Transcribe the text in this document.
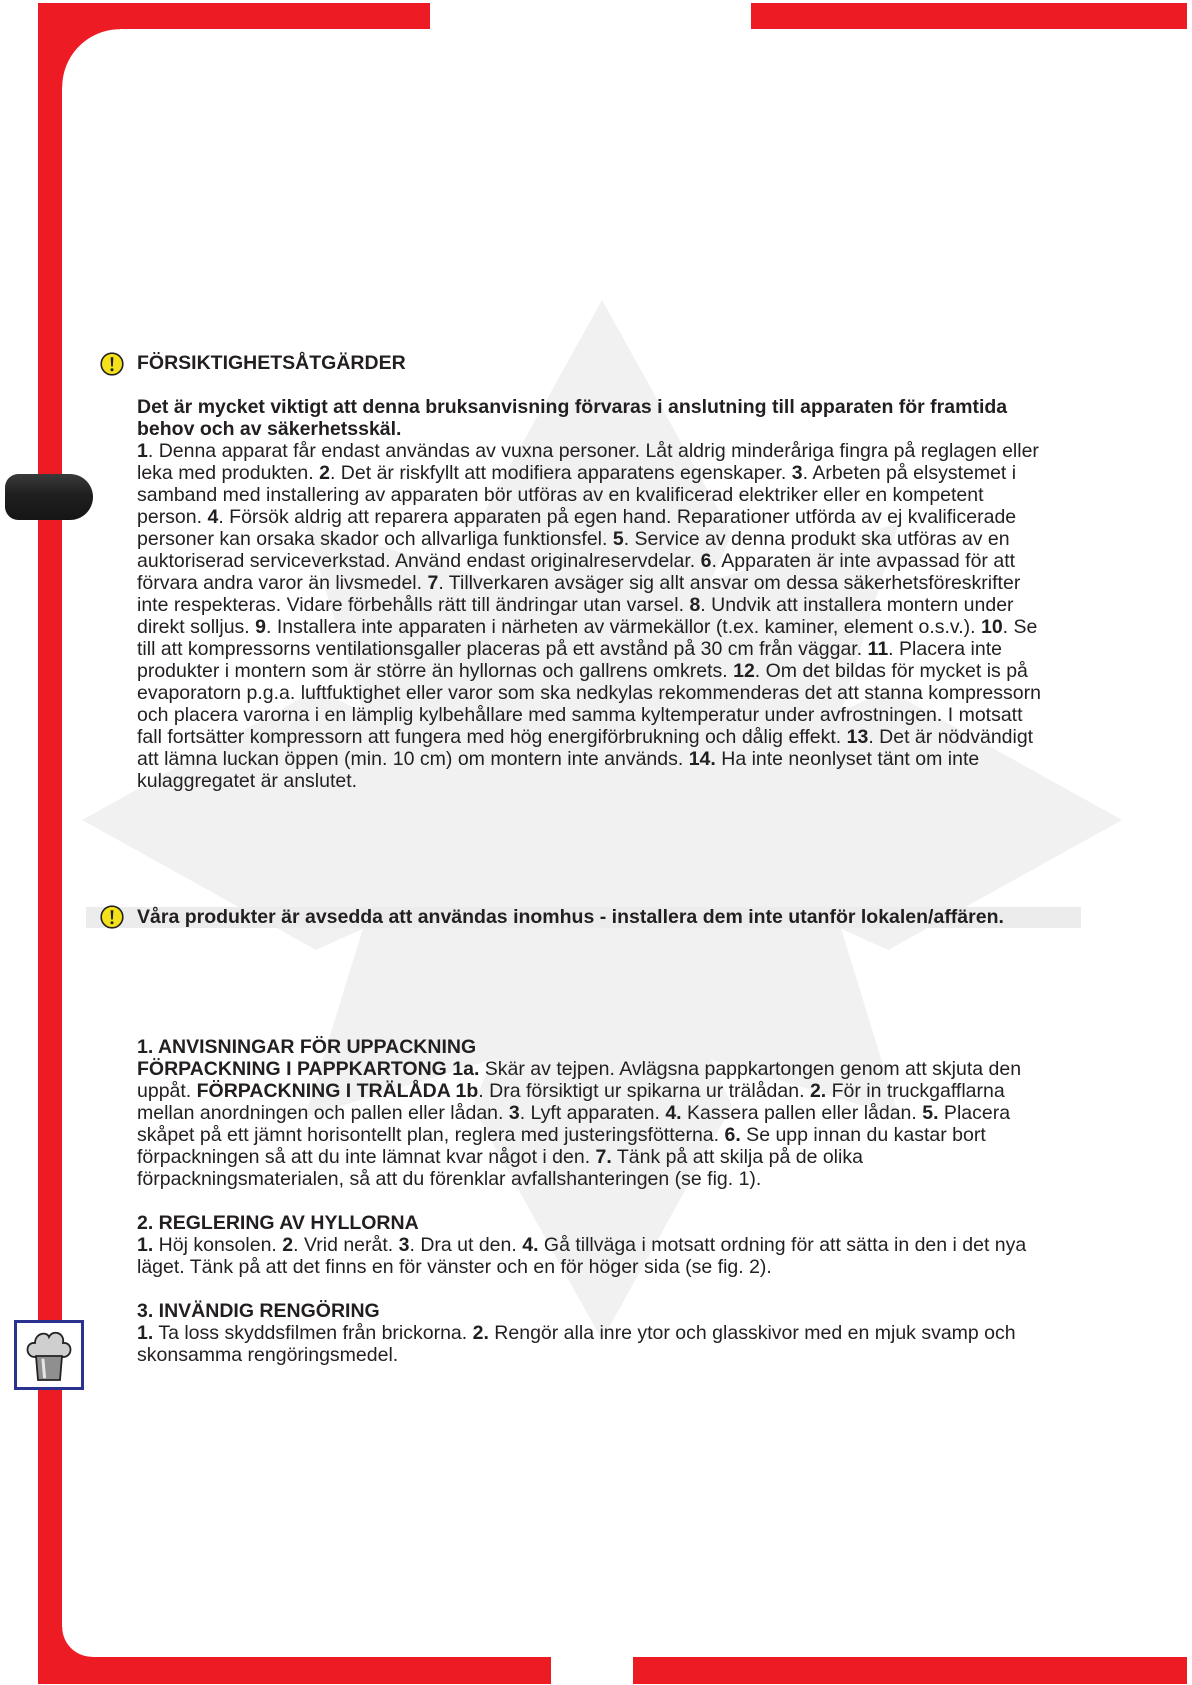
FÖRSIKTIGHETSÅTGÄRDER
Det är mycket viktigt att denna bruksanvisning förvaras i anslutning till apparaten för framtida
behov och av säkerhetsskäl.
1. Denna apparat får endast användas av vuxna personer. Låt aldrig minderåriga fingra på reglagen eller
leka med produkten. 2. Det är riskfyllt att modifiera apparatens egenskaper. 3. Arbeten på elsystemet i
samband med installering av apparaten bör utföras av en kvalificerad elektriker eller en kompetent
person. 4. Försök aldrig att reparera apparaten på egen hand. Reparationer utförda av ej kvalificerade
personer kan orsaka skador och allvarliga funktionsfel. 5. Service av denna produkt ska utföras av en
auktoriserad serviceverkstad. Använd endast originalreservdelar. 6. Apparaten är inte avpassad för att
förvara andra varor än livsmedel. 7. Tillverkaren avsäger sig allt ansvar om dessa säkerhetsföreskrifter
inte respekteras. Vidare förbehålls rätt till ändringar utan varsel. 8. Undvik att installera montern under
direkt solljus. 9. Installera inte apparaten i närheten av värmekällor (t.ex. kaminer, element o.s.v.). 10. Se
till att kompressorns ventilationsgaller placeras på ett avstånd på 30 cm från väggar. 11. Placera inte
produkter i montern som är större än hyllornas och gallrens omkrets. 12. Om det bildas för mycket is på
evaporatorn p.g.a. luftfuktighet eller varor som ska nedkylas rekommenderas det att stanna kompressorn
och placera varorna i en lämplig kylbehållare med samma kyltemperatur under avfrostningen. I motsatt
fall fortsätter kompressorn att fungera med hög energiförbrukning och dålig effekt. 13. Det är nödvändigt
att lämna luckan öppen (min. 10 cm) om montern inte används. 14. Ha inte neonlyset tänt om inte
kulaggregatet är anslutet.
Våra produkter är avsedda att användas inomhus - installera dem inte utanför lokalen/affären.
1. ANVISNINGAR FÖR UPPACKNING
FÖRPACKNING I PAPPKARTONG 1a. Skär av tejpen. Avlägsna pappkartongen genom att skjuta den
uppåt. FÖRPACKNING I TRÄLÅDA 1b. Dra försiktigt ur spikarna ur trälådan. 2. För in truckgafflarna
mellan anordningen och pallen eller lådan. 3. Lyft apparaten. 4. Kassera pallen eller lådan. 5. Placera
skåpet på ett jämnt horisontellt plan, reglera med justeringsfötterna. 6. Se upp innan du kastar bort
förpackningen så att du inte lämnat kvar något i den. 7. Tänk på att skilja på de olika
förpackningsmaterialen, så att du förenklar avfallshanteringen (se fig. 1).
2. REGLERING AV HYLLORNA
1. Höj konsolen. 2. Vrid neråt. 3. Dra ut den. 4. Gå tillväga i motsatt ordning för att sätta in den i det nya
läget. Tänk på att det finns en för vänster och en för höger sida (se fig. 2).
3. INVÄNDIG RENGÖRING
1. Ta loss skyddsfilmen från brickorna. 2. Rengör alla inre ytor och glasskivor med en mjuk svamp och
skonsamma rengöringsmedel.
